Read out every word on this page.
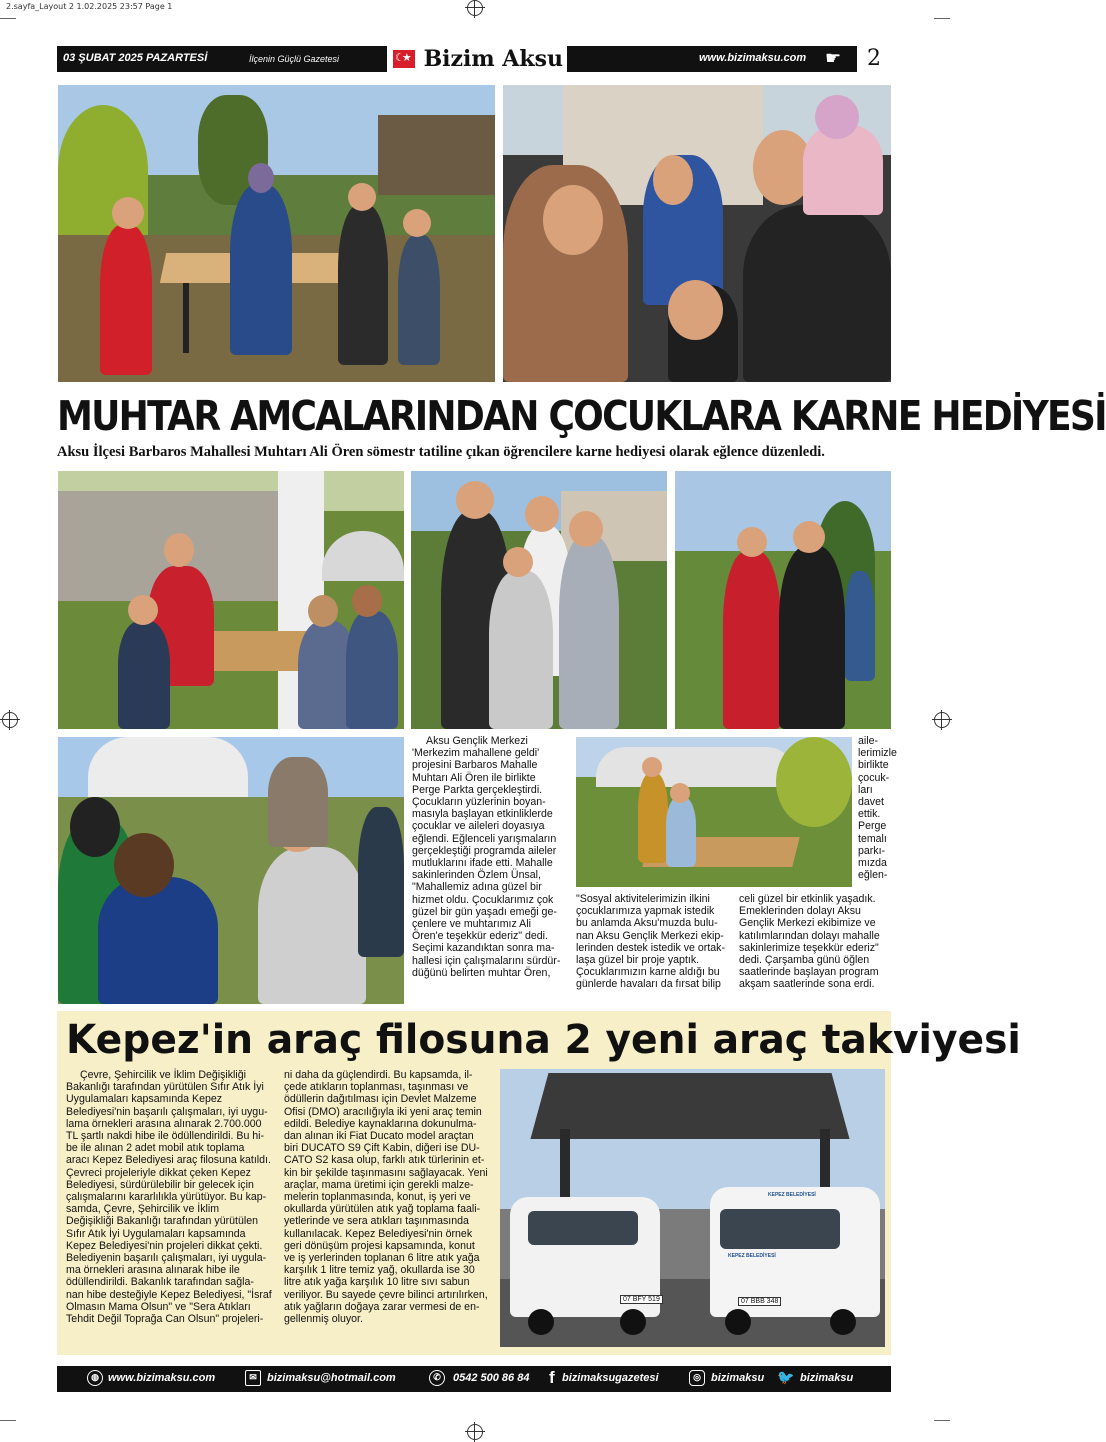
2.sayfa_Layout 2 1.02.2025 23:57 Page 1
03 ŞUBAT 2025 PAZARTESİ	İlçenin Güçlü Gazetesi	Bizim Aksu
☾★	www.bizimaksu.com ☛	2
MUHTAR AMCALARINDAN ÇOCUKLARA KARNE HEDİYESİ
Aksu İlçesi Barbaros Mahallesi Muhtarı Ali Ören sömestr tatiline çıkan öğrencilere karne hediyesi olarak eğlence düzenledi.
Aksu Gençlik Merkezi
'Merkezim mahallene geldi'
projesini Barbaros Mahalle
Muhtarı Ali Ören ile birlikte
Perge Parkta gerçekleştirdi.
Çocukların yüzlerinin boyan-
masıyla başlayan etkinliklerde
çocuklar ve aileleri doyasıya
eğlendi. Eğlenceli yarışmaların
gerçekleştiği programda aileler
mutluklarını ifade etti. Mahalle
sakinlerinden Özlem Ünsal,
"Mahallemiz adına güzel bir
hizmet oldu. Çocuklarımız çok
güzel bir gün yaşadı emeği ge-
çenlere ve muhtarımız Ali
Ören'e teşekkür ederiz" dedi.
Seçimi kazandıktan sonra ma-
hallesi için çalışmalarını sürdür-
düğünü belirten muhtar Ören,
aile-
lerimizle
birlikte
çocuk-
ları
davet
ettik.
Perge
temalı
parkı-
mızda
eğlen-
"Sosyal aktivitelerimizin ilkini
çocuklarımıza yapmak istedik
bu anlamda Aksu'muzda bulu-
nan Aksu Gençlik Merkezi ekip-
lerinden destek istedik ve ortak-
laşa güzel bir proje yaptık.
Çocuklarımızın karne aldığı bu
günlerde havaları da fırsat bilip
celi güzel bir etkinlik yaşadık.
Emeklerinden dolayı Aksu
Gençlik Merkezi ekibimize ve
katılımlarından dolayı mahalle
sakinlerimize teşekkür ederiz"
dedi. Çarşamba günü öğlen
saatlerinde başlayan program
akşam saatlerinde sona erdi.
Kepez'in araç filosuna 2 yeni araç takviyesi
Çevre, Şehircilik ve İklim Değişikliği
Bakanlığı tarafından yürütülen Sıfır Atık İyi
Uygulamaları kapsamında Kepez
Belediyesi'nin başarılı çalışmaları, iyi uygu-
lama örnekleri arasına alınarak 2.700.000
TL şartlı nakdi hibe ile ödüllendirildi. Bu hi-
be ile alınan 2 adet mobil atık toplama
aracı Kepez Belediyesi araç filosuna katıldı.
Çevreci projeleriyle dikkat çeken Kepez
Belediyesi, sürdürülebilir bir gelecek için
çalışmalarını kararlılıkla yürütüyor. Bu kap-
samda, Çevre, Şehircilik ve İklim
Değişikliği Bakanlığı tarafından yürütülen
Sıfır Atık İyi Uygulamaları kapsamında
Kepez Belediyesi'nin projeleri dikkat çekti.
Belediyenin başarılı çalışmaları, iyi uygula-
ma örnekleri arasına alınarak hibe ile
ödüllendirildi. Bakanlık tarafından sağla-
nan hibe desteğiyle Kepez Belediyesi, "İsraf
Olmasın Mama Olsun" ve "Sera Atıkları
Tehdit Değil Toprağa Can Olsun" projeleri-
ni daha da güçlendirdi. Bu kapsamda, il-
çede atıkların toplanması, taşınması ve
ödüllerin dağıtılması için Devlet Malzeme
Ofisi (DMO) aracılığıyla iki yeni araç temin
edildi. Belediye kaynaklarına dokunulma-
dan alınan iki Fiat Ducato model araçtan
biri DUCATO S9 Çift Kabin, diğeri ise DU-
CATO S2 kasa olup, farklı atık türlerinin et-
kin bir şekilde taşınmasını sağlayacak. Yeni
araçlar, mama üretimi için gerekli malze-
melerin toplanmasında, konut, iş yeri ve
okullarda yürütülen atık yağ toplama faali-
yetlerinde ve sera atıkları taşınmasında
kullanılacak. Kepez Belediyesi'nin örnek
geri dönüşüm projesi kapsamında, konut
ve iş yerlerinden toplanan 6 litre atık yağa
karşılık 1 litre temiz yağ, okullarda ise 30
litre atık yağa karşılık 10 litre sıvı sabun
veriliyor. Bu sayede çevre bilinci artırılırken,
atık yağların doğaya zarar vermesi de en-
gellenmiş oluyor.
KEPEZ BELEDİYESİ
KEPEZ BELEDİYESİ
07 BFY 519	07 BBB 348
◍ www.bizimaksu.com	✉ bizimaksu@hotmail.com	✆	0542 500 86 84 f bizimaksugazetesi	◎ bizimaksu 🐦 bizimaksu
